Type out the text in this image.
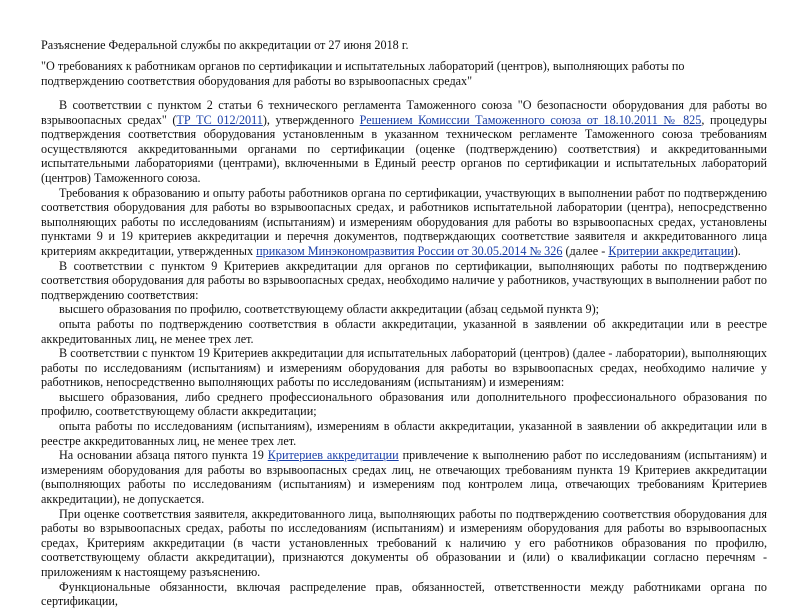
Разъяснение Федеральной службы по аккредитации от 27 июня 2018 г.
"О требованиях к работникам органов по сертификации и испытательных лабораторий (центров), выполняющих работы по подтверждению соответствия оборудования для работы во взрывоопасных средах"

В соответствии с пунктом 2 статьи 6 технического регламента Таможенного союза "О безопасности оборудования для работы во взрывоопасных средах" (ТР ТС 012/2011), утвержденного Решением Комиссии Таможенного союза от 18.10.2011 № 825, процедуры подтверждения соответствия оборудования установленным в указанном техническом регламенте Таможенного союза требованиям осуществляются аккредитованными органами по сертификации (оценке (подтверждению) соответствия) и аккредитованными испытательными лабораториями (центрами), включенными в Единый реестр органов по сертификации и испытательных лабораторий (центров) Таможенного союза.

Требования к образованию и опыту работы работников органа по сертификации, участвующих в выполнении работ по подтверждению соответствия оборудования для работы во взрывоопасных средах, и работников испытательной лаборатории (центра), непосредственно выполняющих работы по исследованиям (испытаниям) и измерениям оборудования для работы во взрывоопасных средах, установлены пунктами 9 и 19 критериев аккредитации и перечня документов, подтверждающих соответствие заявителя и аккредитованного лица критериям аккредитации, утвержденных приказом Минэкономразвития России от 30.05.2014 № 326 (далее - Критерии аккредитации).

В соответствии с пунктом 9 Критериев аккредитации для органов по сертификации, выполняющих работы по подтверждению соответствия оборудования для работы во взрывоопасных средах, необходимо наличие у работников, участвующих в выполнении работ по подтверждению соответствия:

высшего образования по профилю, соответствующему области аккредитации (абзац седьмой пункта 9);

опыта работы по подтверждению соответствия в области аккредитации, указанной в заявлении об аккредитации или в реестре аккредитованных лиц, не менее трех лет.

В соответствии с пунктом 19 Критериев аккредитации для испытательных лабораторий (центров) (далее - лаборатории), выполняющих работы по исследованиям (испытаниям) и измерениям оборудования для работы во взрывоопасных средах, необходимо наличие у работников, непосредственно выполняющих работы по исследованиям (испытаниям) и измерениям:

высшего образования, либо среднего профессионального образования или дополнительного профессионального образования по профилю, соответствующему области аккредитации;

опыта работы по исследованиям (испытаниям), измерениям в области аккредитации, указанной в заявлении об аккредитации или в реестре аккредитованных лиц, не менее трех лет.

На основании абзаца пятого пункта 19 Критериев аккредитации привлечение к выполнению работ по исследованиям (испытаниям) и измерениям оборудования для работы во взрывоопасных средах лиц, не отвечающих требованиям пункта 19 Критериев аккредитации (выполняющих работы по исследованиям (испытаниям) и измерениям под контролем лица, отвечающих требованиям Критериев аккредитации), не допускается.

При оценке соответствия заявителя, аккредитованного лица, выполняющих работы по подтверждению соответствия оборудования для работы во взрывоопасных средах, работы по исследованиям (испытаниям) и измерениям оборудования для работы во взрывоопасных средах, Критериям аккредитации (в части установленных требований к наличию у его работников образования по профилю, соответствующему области аккредитации), признаются документы об образовании и (или) о квалификации согласно перечням - приложениям к настоящему разъяснению.

Функциональные обязанности, включая распределение прав, обязанностей, ответственности между работниками органа по сертификации,
